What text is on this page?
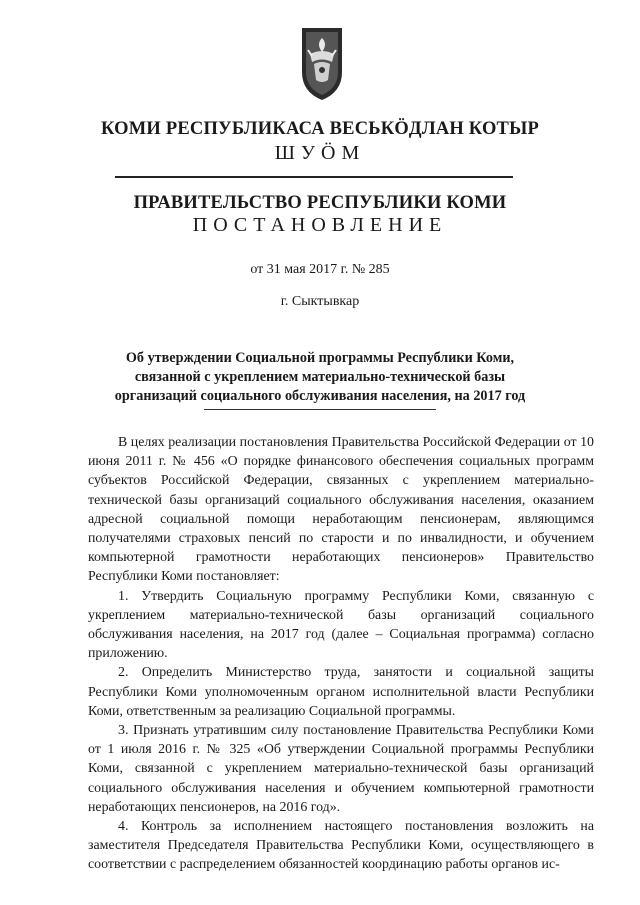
КОМИ РЕСПУБЛИКАСА ВЕСЬКӦДЛАН КОТЫР
ШУӦМ
ПРАВИТЕЛЬСТВО РЕСПУБЛИКИ КОМИ
ПОСТАНОВЛЕНИЕ
от 31 мая 2017 г. № 285
г. Сыктывкар
Об утверждении Социальной программы Республики Коми,
связанной с укреплением материально-технической базы
организаций социального обслуживания населения, на 2017 год

В целях реализации постановления Правительства Российской Федерации от 10 июня 2011 г. № 456 «О порядке финансового обеспечения социальных программ субъектов Российской Федерации, связанных с укреплением материально-технической базы организаций социального обслуживания населения, оказанием адресной социальной помощи неработающим пенсионерам, являющимся получателями страховых пенсий по старости и по инвалидности, и обучением компьютерной грамотности неработающих пенсионеров» Правительство Республики Коми постановляет:

1. Утвердить Социальную программу Республики Коми, связанную с укреплением материально-технической базы организаций социального обслуживания населения, на 2017 год (далее – Социальная программа) согласно приложению.

2. Определить Министерство труда, занятости и социальной защиты Республики Коми уполномоченным органом исполнительной власти Республики Коми, ответственным за реализацию Социальной программы.

3. Признать утратившим силу постановление Правительства Республики Коми от 1 июля 2016 г. № 325 «Об утверждении Социальной программы Республики Коми, связанной с укреплением материально-технической базы организаций социального обслуживания населения и обучением компьютерной грамотности неработающих пенсионеров, на 2016 год».

4. Контроль за исполнением настоящего постановления возложить на заместителя Председателя Правительства Республики Коми, осуществляющего в соответствии с распределением обязанностей координацию работы органов ис-
